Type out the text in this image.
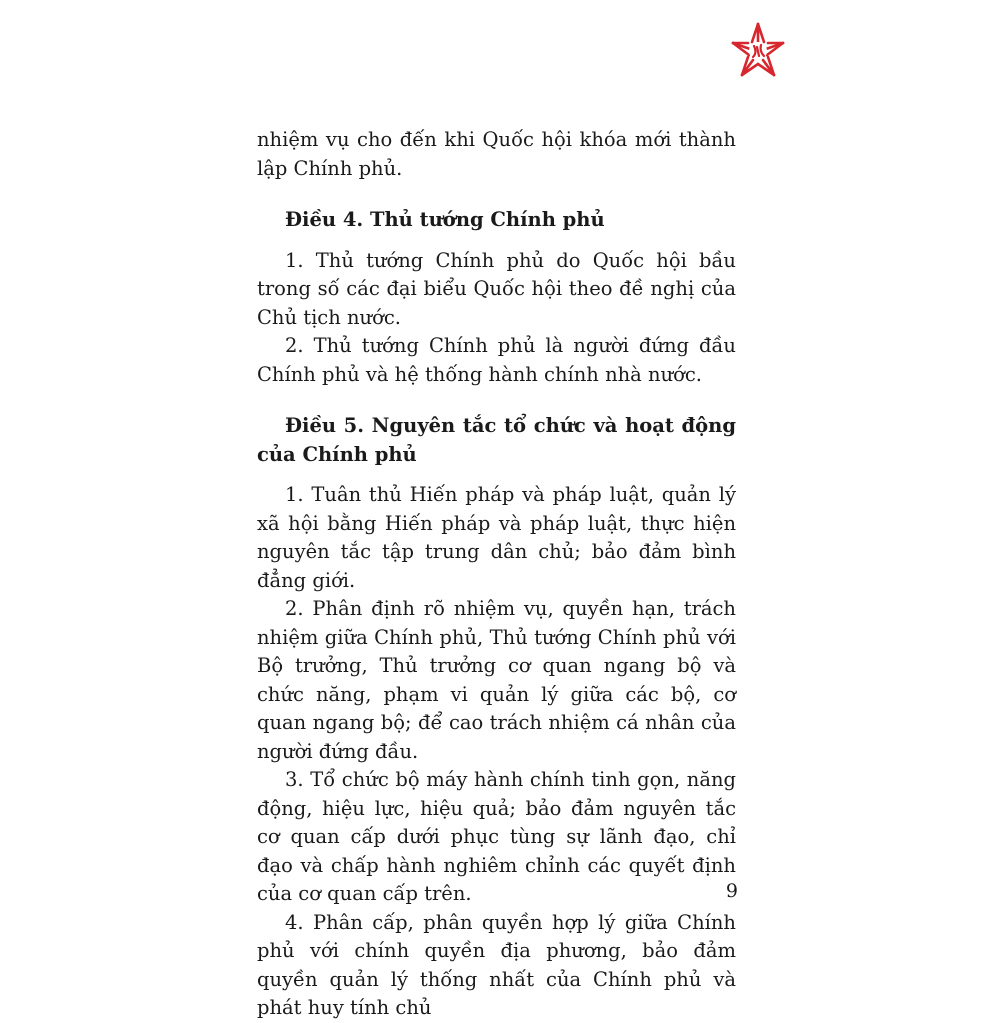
nhiệm vụ cho đến khi Quốc hội khóa mới thành lập Chính phủ.

Điều 4. Thủ tướng Chính phủ

1. Thủ tướng Chính phủ do Quốc hội bầu trong số các đại biểu Quốc hội theo đề nghị của Chủ tịch nước.

2. Thủ tướng Chính phủ là người đứng đầu Chính phủ và hệ thống hành chính nhà nước.

Điều 5. Nguyên tắc tổ chức và hoạt động của Chính phủ

1. Tuân thủ Hiến pháp và pháp luật, quản lý xã hội bằng Hiến pháp và pháp luật, thực hiện nguyên tắc tập trung dân chủ; bảo đảm bình đẳng giới.

2. Phân định rõ nhiệm vụ, quyền hạn, trách nhiệm giữa Chính phủ, Thủ tướng Chính phủ với Bộ trưởng, Thủ trưởng cơ quan ngang bộ và chức năng, phạm vi quản lý giữa các bộ, cơ quan ngang bộ; để cao trách nhiệm cá nhân của người đứng đầu.

3. Tổ chức bộ máy hành chính tinh gọn, năng động, hiệu lực, hiệu quả; bảo đảm nguyên tắc cơ quan cấp dưới phục tùng sự lãnh đạo, chỉ đạo và chấp hành nghiêm chỉnh các quyết định của cơ quan cấp trên.

4. Phân cấp, phân quyền hợp lý giữa Chính phủ với chính quyền địa phương, bảo đảm quyền quản lý thống nhất của Chính phủ và phát huy tính chủ

9
